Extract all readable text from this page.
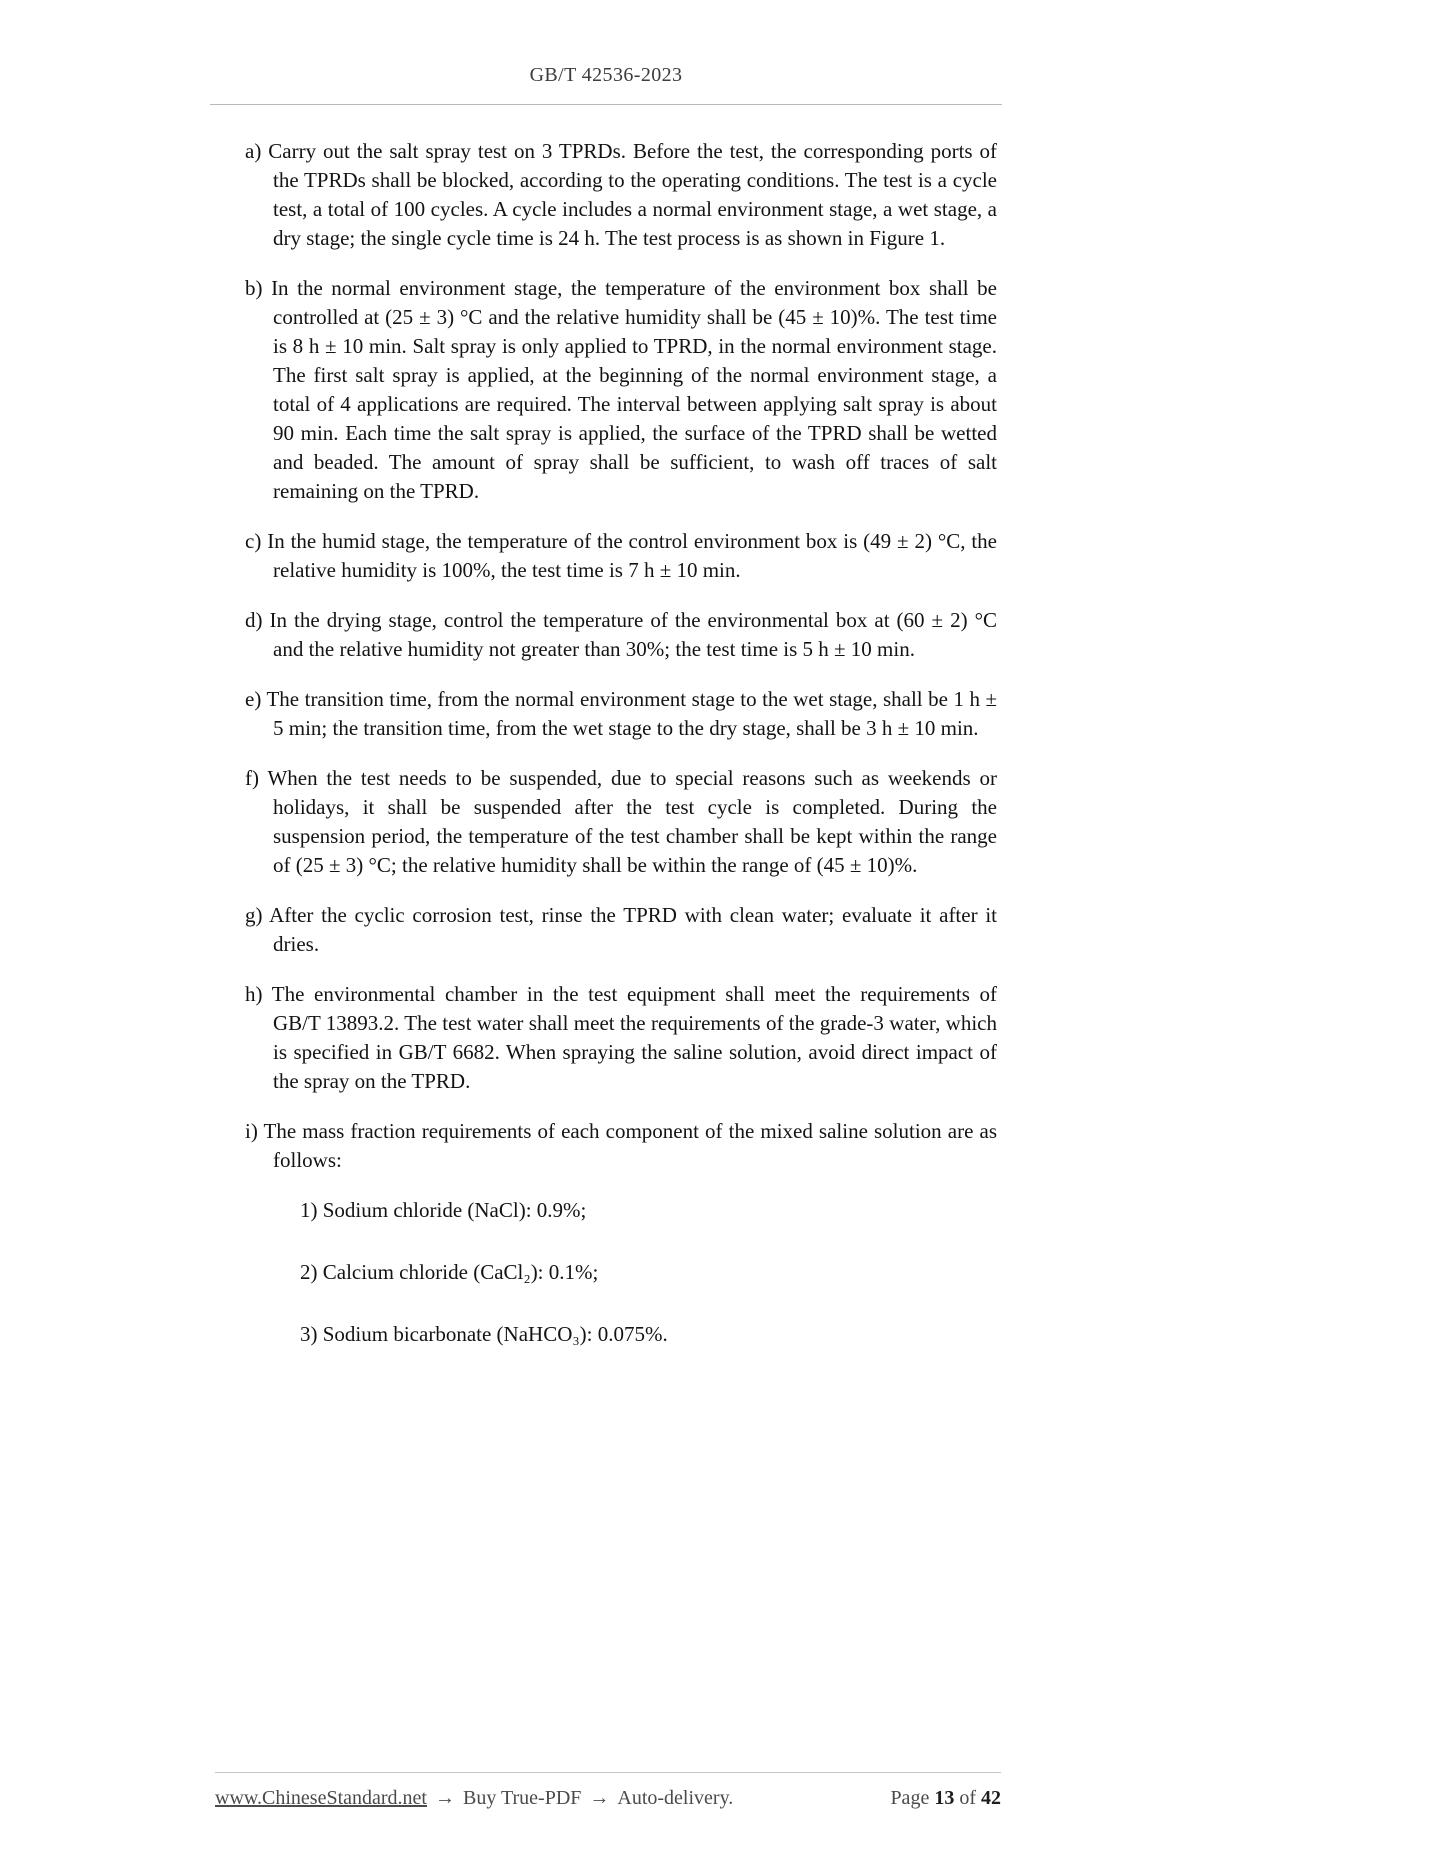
GB/T 42536-2023

a) Carry out the salt spray test on 3 TPRDs. Before the test, the corresponding ports of the TPRDs shall be blocked, according to the operating conditions. The test is a cycle test, a total of 100 cycles. A cycle includes a normal environment stage, a wet stage, a dry stage; the single cycle time is 24 h. The test process is as shown in Figure 1.

b) In the normal environment stage, the temperature of the environment box shall be controlled at (25 ± 3) °C and the relative humidity shall be (45 ± 10)%. The test time is 8 h ± 10 min. Salt spray is only applied to TPRD, in the normal environment stage. The first salt spray is applied, at the beginning of the normal environment stage, a total of 4 applications are required. The interval between applying salt spray is about 90 min. Each time the salt spray is applied, the surface of the TPRD shall be wetted and beaded. The amount of spray shall be sufficient, to wash off traces of salt remaining on the TPRD.

c) In the humid stage, the temperature of the control environment box is (49 ± 2) °C, the relative humidity is 100%, the test time is 7 h ± 10 min.

d) In the drying stage, control the temperature of the environmental box at (60 ± 2) °C and the relative humidity not greater than 30%; the test time is 5 h ± 10 min.

e) The transition time, from the normal environment stage to the wet stage, shall be 1 h ± 5 min; the transition time, from the wet stage to the dry stage, shall be 3 h ± 10 min.

f) When the test needs to be suspended, due to special reasons such as weekends or holidays, it shall be suspended after the test cycle is completed. During the suspension period, the temperature of the test chamber shall be kept within the range of (25 ± 3) °C; the relative humidity shall be within the range of (45 ± 10)%.

g) After the cyclic corrosion test, rinse the TPRD with clean water; evaluate it after it dries.

h) The environmental chamber in the test equipment shall meet the requirements of GB/T 13893.2. The test water shall meet the requirements of the grade-3 water, which is specified in GB/T 6682. When spraying the saline solution, avoid direct impact of the spray on the TPRD.

i) The mass fraction requirements of each component of the mixed saline solution are as follows:

1) Sodium chloride (NaCl): 0.9%;

2) Calcium chloride (CaCl₂): 0.1%;

3) Sodium bicarbonate (NaHCO₃): 0.075%.

www.ChineseStandard.net → Buy True-PDF → Auto-delivery.	Page 13 of 42
